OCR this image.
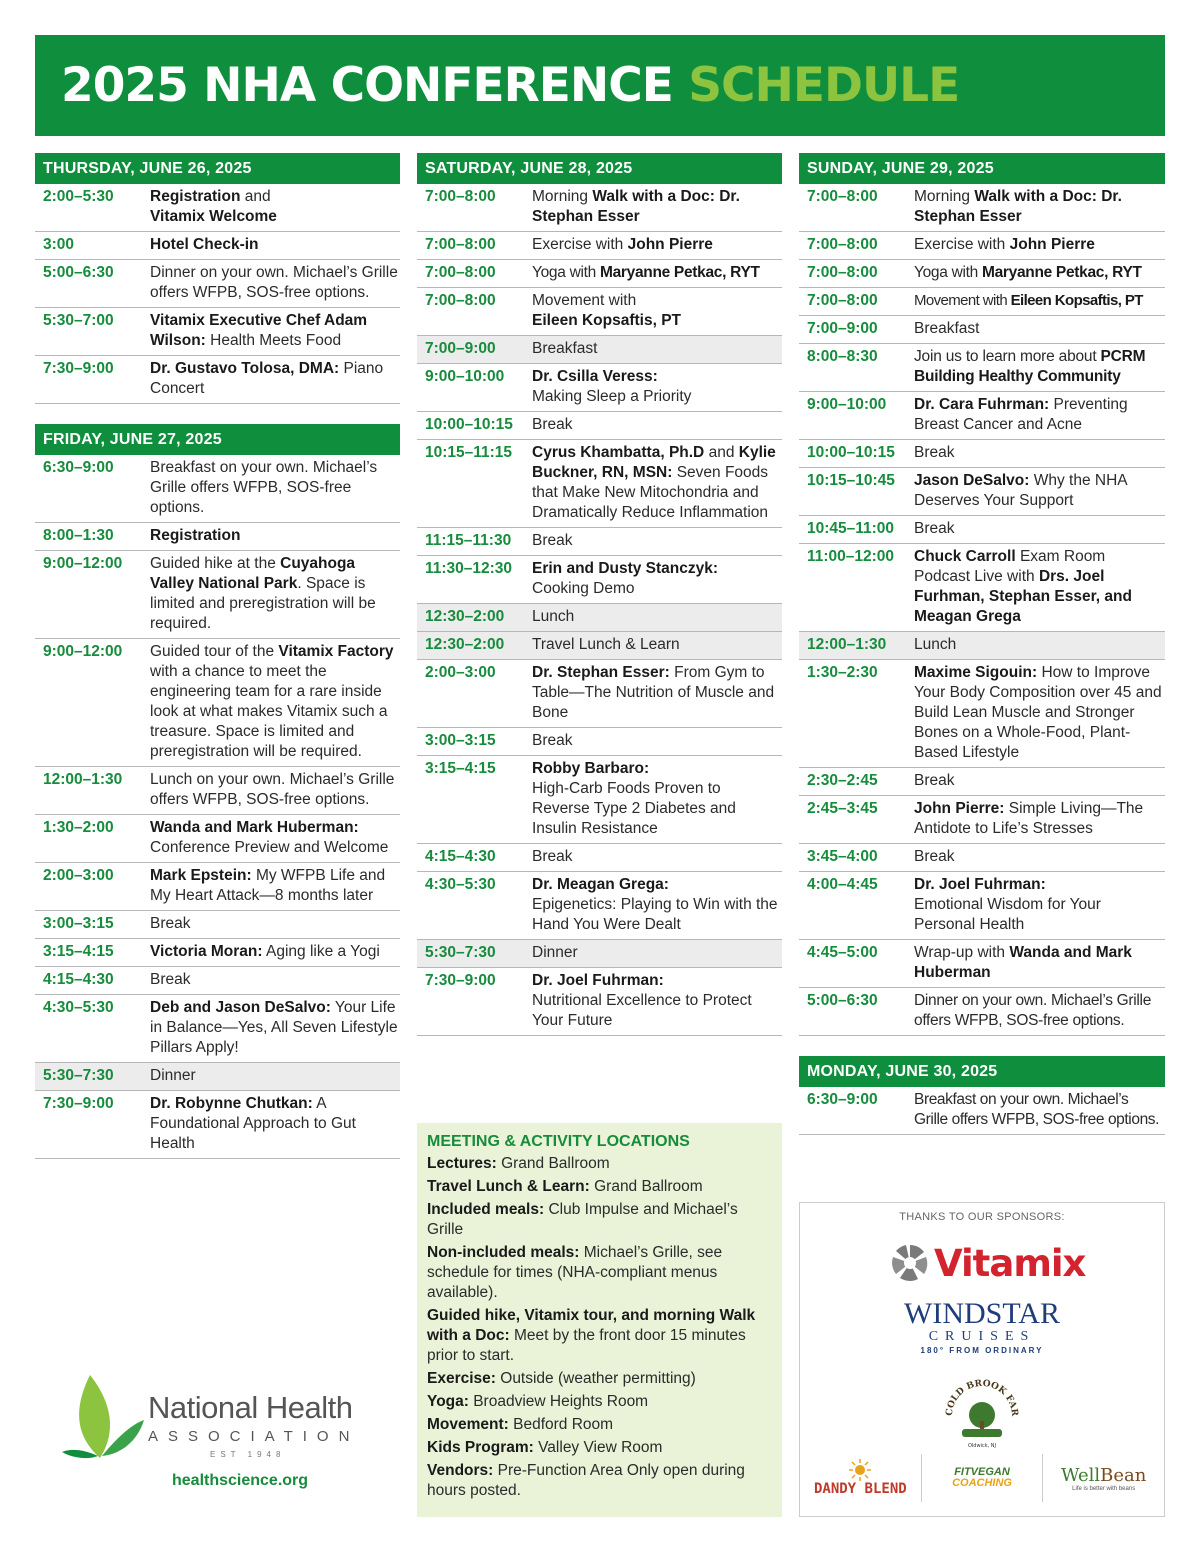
2025 NHA CONFERENCE SCHEDULE
THURSDAY, JUNE 26, 2025
2:00–5:30	Registration and
Vitamix Welcome
3:00	Hotel Check-in
5:00–6:30	Dinner on your own. Michael’s Grille offers WFPB, SOS-free options.
5:30–7:00	Vitamix Executive Chef Adam Wilson: Health Meets Food
7:30–9:00	Dr. Gustavo Tolosa, DMA: Piano Concert
FRIDAY, JUNE 27, 2025
6:30–9:00	Breakfast on your own. Michael’s Grille offers WFPB, SOS-free options.
8:00–1:30	Registration
9:00–12:00	Guided hike at the Cuyahoga Valley National Park. Space is limited and preregistration will be required.
9:00–12:00	Guided tour of the Vitamix Factory with a chance to meet the engineering team for a rare inside look at what makes Vitamix such a treasure. Space is limited and preregistration will be required.
12:00–1:30	Lunch on your own. Michael’s Grille offers WFPB, SOS-free options.
1:30–2:00	Wanda and Mark Huberman: Conference Preview and Welcome
2:00–3:00	Mark Epstein: My WFPB Life and My Heart Attack—8 months later
3:00–3:15	Break
3:15–4:15	Victoria Moran: Aging like a Yogi
4:15–4:30	Break
4:30–5:30	Deb and Jason DeSalvo: Your Life in Balance—Yes, All Seven Lifestyle Pillars Apply!
5:30–7:30	Dinner
7:30–9:00	Dr. Robynne Chutkan: A Foundational Approach to Gut Health
SATURDAY, JUNE 28, 2025
7:00–8:00	Morning Walk with a Doc: Dr. Stephan Esser
7:00–8:00	Exercise with John Pierre
7:00–8:00	Yoga with Maryanne Petkac, RYT
7:00–8:00	Movement with
Eileen Kopsaftis, PT
7:00–9:00	Breakfast
9:00–10:00	Dr. Csilla Veress:
Making Sleep a Priority
10:00–10:15	Break
10:15–11:15	Cyrus Khambatta, Ph.D and Kylie Buckner, RN, MSN: Seven Foods that Make New Mitochondria and Dramatically Reduce Inflammation
11:15–11:30	Break
11:30–12:30	Erin and Dusty Stanczyk:
Cooking Demo
12:30–2:00	Lunch
12:30–2:00	Travel Lunch & Learn
2:00–3:00	Dr. Stephan Esser: From Gym to Table—The Nutrition of Muscle and Bone
3:00–3:15	Break
3:15–4:15	Robby Barbaro:
High-Carb Foods Proven to Reverse Type 2 Diabetes and Insulin Resistance
4:15–4:30	Break
4:30–5:30	Dr. Meagan Grega:
Epigenetics: Playing to Win with the Hand You Were Dealt
5:30–7:30	Dinner
7:30–9:00	Dr. Joel Fuhrman:
Nutritional Excellence to Protect Your Future
SUNDAY, JUNE 29, 2025
7:00–8:00	Morning Walk with a Doc: Dr. Stephan Esser
7:00–8:00	Exercise with John Pierre
7:00–8:00	Yoga with Maryanne Petkac, RYT
7:00–8:00	Movement with Eileen Kopsaftis, PT
7:00–9:00	Breakfast
8:00–8:30	Join us to learn more about PCRM Building Healthy Community
9:00–10:00	Dr. Cara Fuhrman: Preventing Breast Cancer and Acne
10:00–10:15	Break
10:15–10:45	Jason DeSalvo: Why the NHA Deserves Your Support
10:45–11:00	Break
11:00–12:00	Chuck Carroll Exam Room Podcast Live with Drs. Joel Furhman, Stephan Esser, and Meagan Grega
12:00–1:30	Lunch
1:30–2:30	Maxime Sigouin: How to Improve Your Body Composition over 45 and Build Lean Muscle and Stronger Bones on a Whole-Food, Plant-Based Lifestyle
2:30–2:45	Break
2:45–3:45	John Pierre: Simple Living—The Antidote to Life’s Stresses
3:45–4:00	Break
4:00–4:45	Dr. Joel Fuhrman:
Emotional Wisdom for Your Personal Health
4:45–5:00	Wrap-up with Wanda and Mark Huberman
5:00–6:30	Dinner on your own. Michael’s Grille offers WFPB, SOS-free options.
MONDAY, JUNE 30, 2025
6:30–9:00	Breakfast on your own. Michael’s Grille offers WFPB, SOS-free options.
MEETING & ACTIVITY LOCATIONS
Lectures: Grand Ballroom
Travel Lunch & Learn: Grand Ballroom
Included meals: Club Impulse and Michael’s Grille
Non-included meals: Michael’s Grille, see schedule for times (NHA-compliant menus available).
Guided hike, Vitamix tour, and morning Walk with a Doc: Meet by the front door 15 minutes prior to start.
Exercise: Outside (weather permitting)
Yoga: Broadview Heights Room
Movement: Bedford Room
Kids Program: Valley View Room
Vendors: Pre-Function Area Only open during hours posted.
National Health
ASSOCIATION
EST 1948
healthscience.org
THANKS TO OUR SPONSORS:
Vitamix
WINDSTAR
CRUISES
180° FROM ORDINARY
COLD BROOK FAR
Oldwick, NJ
DANDY BLEND
FITVEGAN
COACHING	WellBean
Life is better with beans
